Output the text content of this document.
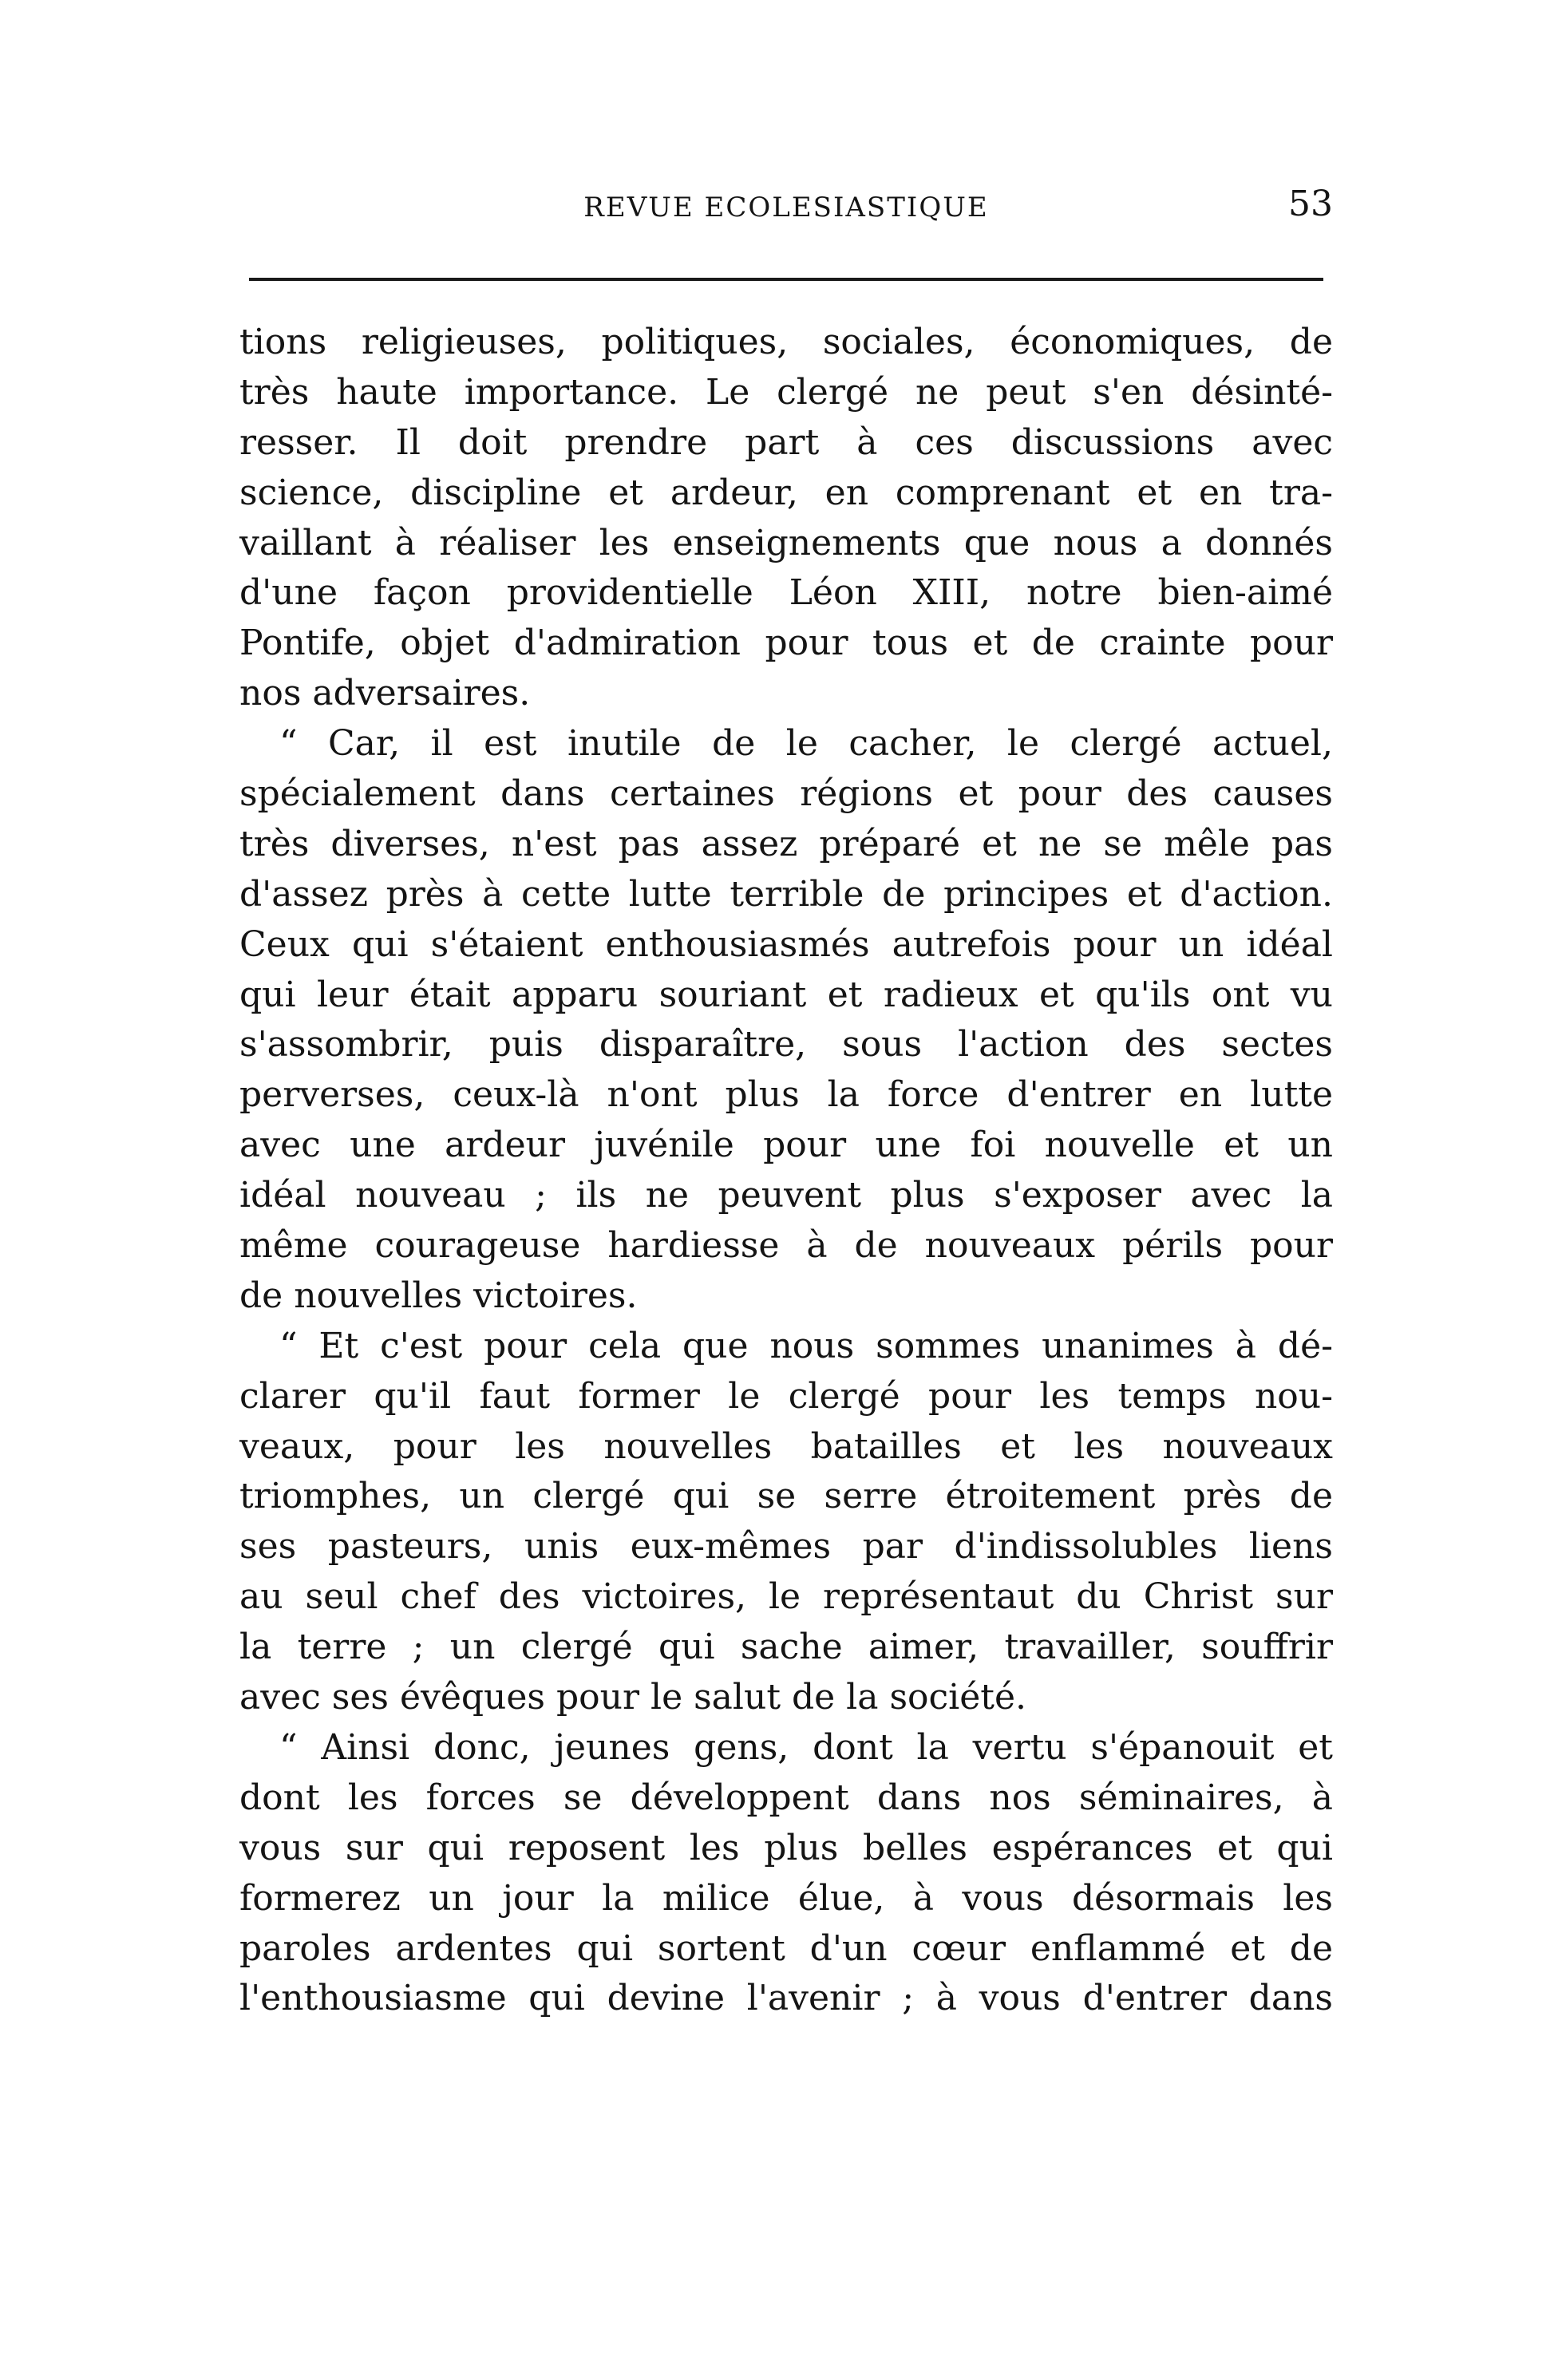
REVUE ECOLESIASTIQUE	53
tions religieuses, politiques, sociales, économiques, de
très haute importance. Le clergé ne peut s'en désinté-
resser. Il doit prendre part à ces discussions avec
science, discipline et ardeur, en comprenant et en tra-
vaillant à réaliser les enseignements que nous a donnés
d'une façon providentielle Léon XIII, notre bien-aimé
Pontife, objet d'admiration pour tous et de crainte pour
nos adversaires.
“ Car, il est inutile de le cacher, le clergé actuel,
spécialement dans certaines régions et pour des causes
très diverses, n'est pas assez préparé et ne se mêle pas
d'assez près à cette lutte terrible de principes et d'action.
Ceux qui s'étaient enthousiasmés autrefois pour un idéal
qui leur était apparu souriant et radieux et qu'ils ont vu
s'assombrir, puis disparaître, sous l'action des sectes
perverses, ceux-là n'ont plus la force d'entrer en lutte
avec une ardeur juvénile pour une foi nouvelle et un
idéal nouveau ; ils ne peuvent plus s'exposer avec la
même courageuse hardiesse à de nouveaux périls pour
de nouvelles victoires.
“ Et c'est pour cela que nous sommes unanimes à dé-
clarer qu'il faut former le clergé pour les temps nou-
veaux, pour les nouvelles batailles et les nouveaux
triomphes, un clergé qui se serre étroitement près de
ses pasteurs, unis eux-mêmes par d'indissolubles liens
au seul chef des victoires, le représentaut du Christ sur
la terre ; un clergé qui sache aimer, travailler, souffrir
avec ses évêques pour le salut de la société.
“ Ainsi donc, jeunes gens, dont la vertu s'épanouit et
dont les forces se développent dans nos séminaires, à
vous sur qui reposent les plus belles espérances et qui
formerez un jour la milice élue, à vous désormais les
paroles ardentes qui sortent d'un cœur enflammé et de
l'enthousiasme qui devine l'avenir ; à vous d'entrer dans
